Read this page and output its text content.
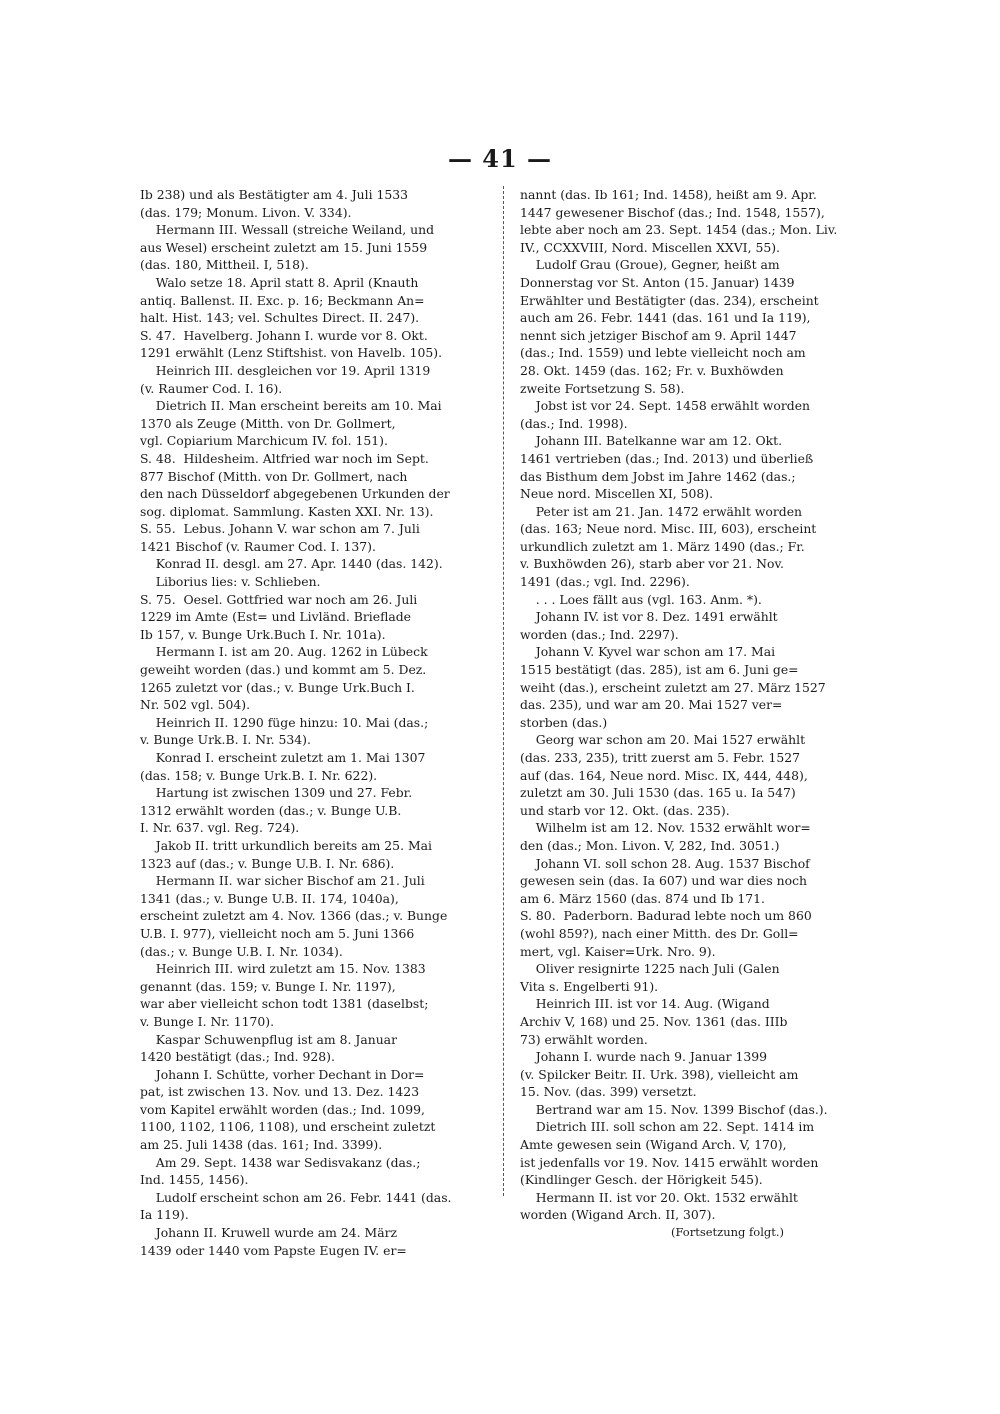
— 41 —
Ib 238) und als Bestätigter am 4. Juli 1533
(das. 179; Monum. Livon. V. 334).
Hermann III. Wessall (streiche Weiland, und
aus Wesel) erscheint zuletzt am 15. Juni 1559
(das. 180, Mittheil. I, 518).
Walo setze 18. April statt 8. April (Knauth
antiq. Ballenst. II. Exc. p. 16; Beckmann An=
halt. Hist. 143; vel. Schultes Direct. II. 247).
S. 47.  Havelberg. Johann I. wurde vor 8. Okt.
1291 erwählt (Lenz Stiftshist. von Havelb. 105).
Heinrich III. desgleichen vor 19. April 1319
(v. Raumer Cod. I. 16).
Dietrich II. Man erscheint bereits am 10. Mai
1370 als Zeuge (Mitth. von Dr. Gollmert,
vgl. Copiarium Marchicum IV. fol. 151).
S. 48.  Hildesheim. Altfried war noch im Sept.
877 Bischof (Mitth. von Dr. Gollmert, nach
den nach Düsseldorf abgegebenen Urkunden der
sog. diplomat. Sammlung. Kasten XXI. Nr. 13).
S. 55.  Lebus. Johann V. war schon am 7. Juli
1421 Bischof (v. Raumer Cod. I. 137).
Konrad II. desgl. am 27. Apr. 1440 (das. 142).
Liborius lies: v. Schlieben.
S. 75.  Oesel. Gottfried war noch am 26. Juli
1229 im Amte (Est= und Livländ. Brieflade
Ib 157, v. Bunge Urk.Buch I. Nr. 101a).
Hermann I. ist am 20. Aug. 1262 in Lübeck
geweiht worden (das.) und kommt am 5. Dez.
1265 zuletzt vor (das.; v. Bunge Urk.Buch I.
Nr. 502 vgl. 504).
Heinrich II. 1290 füge hinzu: 10. Mai (das.;
v. Bunge Urk.B. I. Nr. 534).
Konrad I. erscheint zuletzt am 1. Mai 1307
(das. 158; v. Bunge Urk.B. I. Nr. 622).
Hartung ist zwischen 1309 und 27. Febr.
1312 erwählt worden (das.; v. Bunge U.B.
I. Nr. 637. vgl. Reg. 724).
Jakob II. tritt urkundlich bereits am 25. Mai
1323 auf (das.; v. Bunge U.B. I. Nr. 686).
Hermann II. war sicher Bischof am 21. Juli
1341 (das.; v. Bunge U.B. II. 174, 1040a),
erscheint zuletzt am 4. Nov. 1366 (das.; v. Bunge
U.B. I. 977), vielleicht noch am 5. Juni 1366
(das.; v. Bunge U.B. I. Nr. 1034).
Heinrich III. wird zuletzt am 15. Nov. 1383
genannt (das. 159; v. Bunge I. Nr. 1197),
war aber vielleicht schon todt 1381 (daselbst;
v. Bunge I. Nr. 1170).
Kaspar Schuwenpflug ist am 8. Januar
1420 bestätigt (das.; Ind. 928).
Johann I. Schütte, vorher Dechant in Dor=
pat, ist zwischen 13. Nov. und 13. Dez. 1423
vom Kapitel erwählt worden (das.; Ind. 1099,
1100, 1102, 1106, 1108), und erscheint zuletzt
am 25. Juli 1438 (das. 161; Ind. 3399).
Am 29. Sept. 1438 war Sedisvakanz (das.;
Ind. 1455, 1456).
Ludolf erscheint schon am 26. Febr. 1441 (das.
Ia 119).
Johann II. Kruwell wurde am 24. März
1439 oder 1440 vom Papste Eugen IV. er=
nannt (das. Ib 161; Ind. 1458), heißt am 9. Apr.
1447 gewesener Bischof (das.; Ind. 1548, 1557),
lebte aber noch am 23. Sept. 1454 (das.; Mon. Liv.
IV., CCXXVIII, Nord. Miscellen XXVI, 55).
Ludolf Grau (Groue), Gegner, heißt am
Donnerstag vor St. Anton (15. Januar) 1439
Erwählter und Bestätigter (das. 234), erscheint
auch am 26. Febr. 1441 (das. 161 und Ia 119),
nennt sich jetziger Bischof am 9. April 1447
(das.; Ind. 1559) und lebte vielleicht noch am
28. Okt. 1459 (das. 162; Fr. v. Buxhöwden
zweite Fortsetzung S. 58).
Jobst ist vor 24. Sept. 1458 erwählt worden
(das.; Ind. 1998).
Johann III. Batelkanne war am 12. Okt.
1461 vertrieben (das.; Ind. 2013) und überließ
das Bisthum dem Jobst im Jahre 1462 (das.;
Neue nord. Miscellen XI, 508).
Peter ist am 21. Jan. 1472 erwählt worden
(das. 163; Neue nord. Misc. III, 603), erscheint
urkundlich zuletzt am 1. März 1490 (das.; Fr.
v. Buxhöwden 26), starb aber vor 21. Nov.
1491 (das.; vgl. Ind. 2296).
. . . Loes fällt aus (vgl. 163. Anm. *).
Johann IV. ist vor 8. Dez. 1491 erwählt
worden (das.; Ind. 2297).
Johann V. Kyvel war schon am 17. Mai
1515 bestätigt (das. 285), ist am 6. Juni ge=
weiht (das.), erscheint zuletzt am 27. März 1527
das. 235), und war am 20. Mai 1527 ver=
storben (das.)
Georg war schon am 20. Mai 1527 erwählt
(das. 233, 235), tritt zuerst am 5. Febr. 1527
auf (das. 164, Neue nord. Misc. IX, 444, 448),
zuletzt am 30. Juli 1530 (das. 165 u. Ia 547)
und starb vor 12. Okt. (das. 235).
Wilhelm ist am 12. Nov. 1532 erwählt wor=
den (das.; Mon. Livon. V, 282, Ind. 3051.)
Johann VI. soll schon 28. Aug. 1537 Bischof
gewesen sein (das. Ia 607) und war dies noch
am 6. März 1560 (das. 874 und Ib 171.
S. 80.  Paderborn. Badurad lebte noch um 860
(wohl 859?), nach einer Mitth. des Dr. Goll=
mert, vgl. Kaiser=Urk. Nro. 9).
Oliver resignirte 1225 nach Juli (Galen
Vita s. Engelberti 91).
Heinrich III. ist vor 14. Aug. (Wigand
Archiv V, 168) und 25. Nov. 1361 (das. IIIb
73) erwählt worden.
Johann I. wurde nach 9. Januar 1399
(v. Spilcker Beitr. II. Urk. 398), vielleicht am
15. Nov. (das. 399) versetzt.
Bertrand war am 15. Nov. 1399 Bischof (das.).
Dietrich III. soll schon am 22. Sept. 1414 im
Amte gewesen sein (Wigand Arch. V, 170),
ist jedenfalls vor 19. Nov. 1415 erwählt worden
(Kindlinger Gesch. der Hörigkeit 545).
Hermann II. ist vor 20. Okt. 1532 erwählt
worden (Wigand Arch. II, 307).
(Fortsetzung folgt.)
